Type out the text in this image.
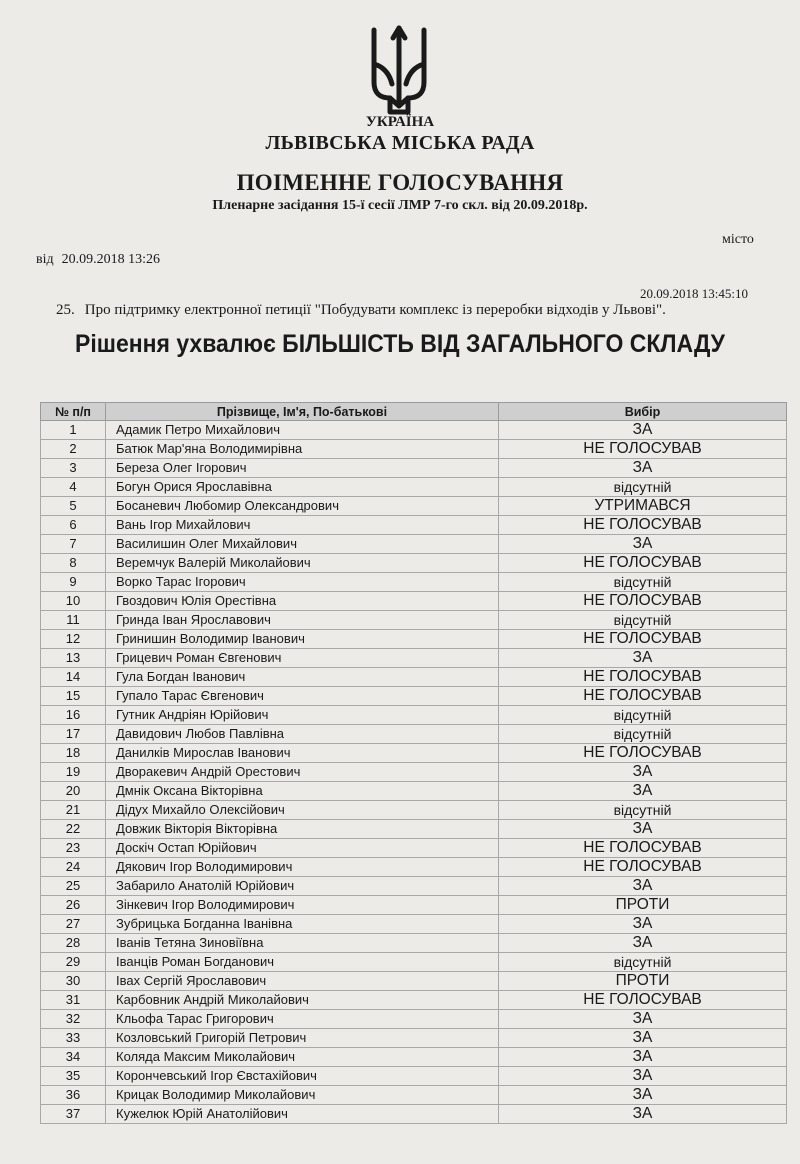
УКРАЇНА
ЛЬВІВСЬКА МІСЬКА РАДА
ПОІМЕННЕ ГОЛОСУВАННЯ
Пленарне засідання 15-ї сесії ЛМР 7-го скл. від 20.09.2018р.
місто
від 20.09.2018 13:26
20.09.2018 13:45:10
25. Про підтримку електронної петиції "Побудувати комплекс із переробки відходів у Львові".
Рішення ухвалює БІЛЬШІСТЬ ВІД ЗАГАЛЬНОГО СКЛАДУ
№ п/п	Прізвище, Ім'я, По-батькові	Вибір
1	Адамик Петро Михайлович	ЗА
2	Батюк Мар'яна Володимирівна	НЕ ГОЛОСУВАВ
3	Береза Олег Ігорович	ЗА
4	Богун Орися Ярославівна	відсутній
5	Босаневич Любомир Олександрович	УТРИМАВСЯ
6	Вань Ігор Михайлович	НЕ ГОЛОСУВАВ
7	Василишин Олег Михайлович	ЗА
8	Веремчук Валерій Миколайович	НЕ ГОЛОСУВАВ
9	Ворко Тарас Ігорович	відсутній
10	Гвоздович Юлія Орестівна	НЕ ГОЛОСУВАВ
11	Гринда Іван Ярославович	відсутній
12	Гринишин Володимир Іванович	НЕ ГОЛОСУВАВ
13	Грицевич Роман Євгенович	ЗА
14	Гула Богдан Іванович	НЕ ГОЛОСУВАВ
15	Гупало Тарас Євгенович	НЕ ГОЛОСУВАВ
16	Гутник Андріян Юрійович	відсутній
17	Давидович Любов Павлівна	відсутній
18	Данилків Мирослав Іванович	НЕ ГОЛОСУВАВ
19	Дворакевич Андрій Орестович	ЗА
20	Дмнік Оксана Вікторівна	ЗА
21	Дідух Михайло Олексійович	відсутній
22	Довжик Вікторія Вікторівна	ЗА
23	Доскіч Остап Юрійович	НЕ ГОЛОСУВАВ
24	Дякович Ігор Володимирович	НЕ ГОЛОСУВАВ
25	Забарило Анатолій Юрійович	ЗА
26	Зінкевич Ігор Володимирович	ПРОТИ
27	Зубрицька Богданна Іванівна	ЗА
28	Іванів Тетяна Зиновіївна	ЗА
29	Іванців Роман Богданович	відсутній
30	Івах Сергій Ярославович	ПРОТИ
31	Карбовник Андрій Миколайович	НЕ ГОЛОСУВАВ
32	Кльофа Тарас Григорович	ЗА
33	Козловський Григорій Петрович	ЗА
34	Коляда Максим Миколайович	ЗА
35	Корончевський Ігор Євстахійович	ЗА
36	Крицак Володимир Миколайович	ЗА
37	Кужелюк Юрій Анатолійович	ЗА
